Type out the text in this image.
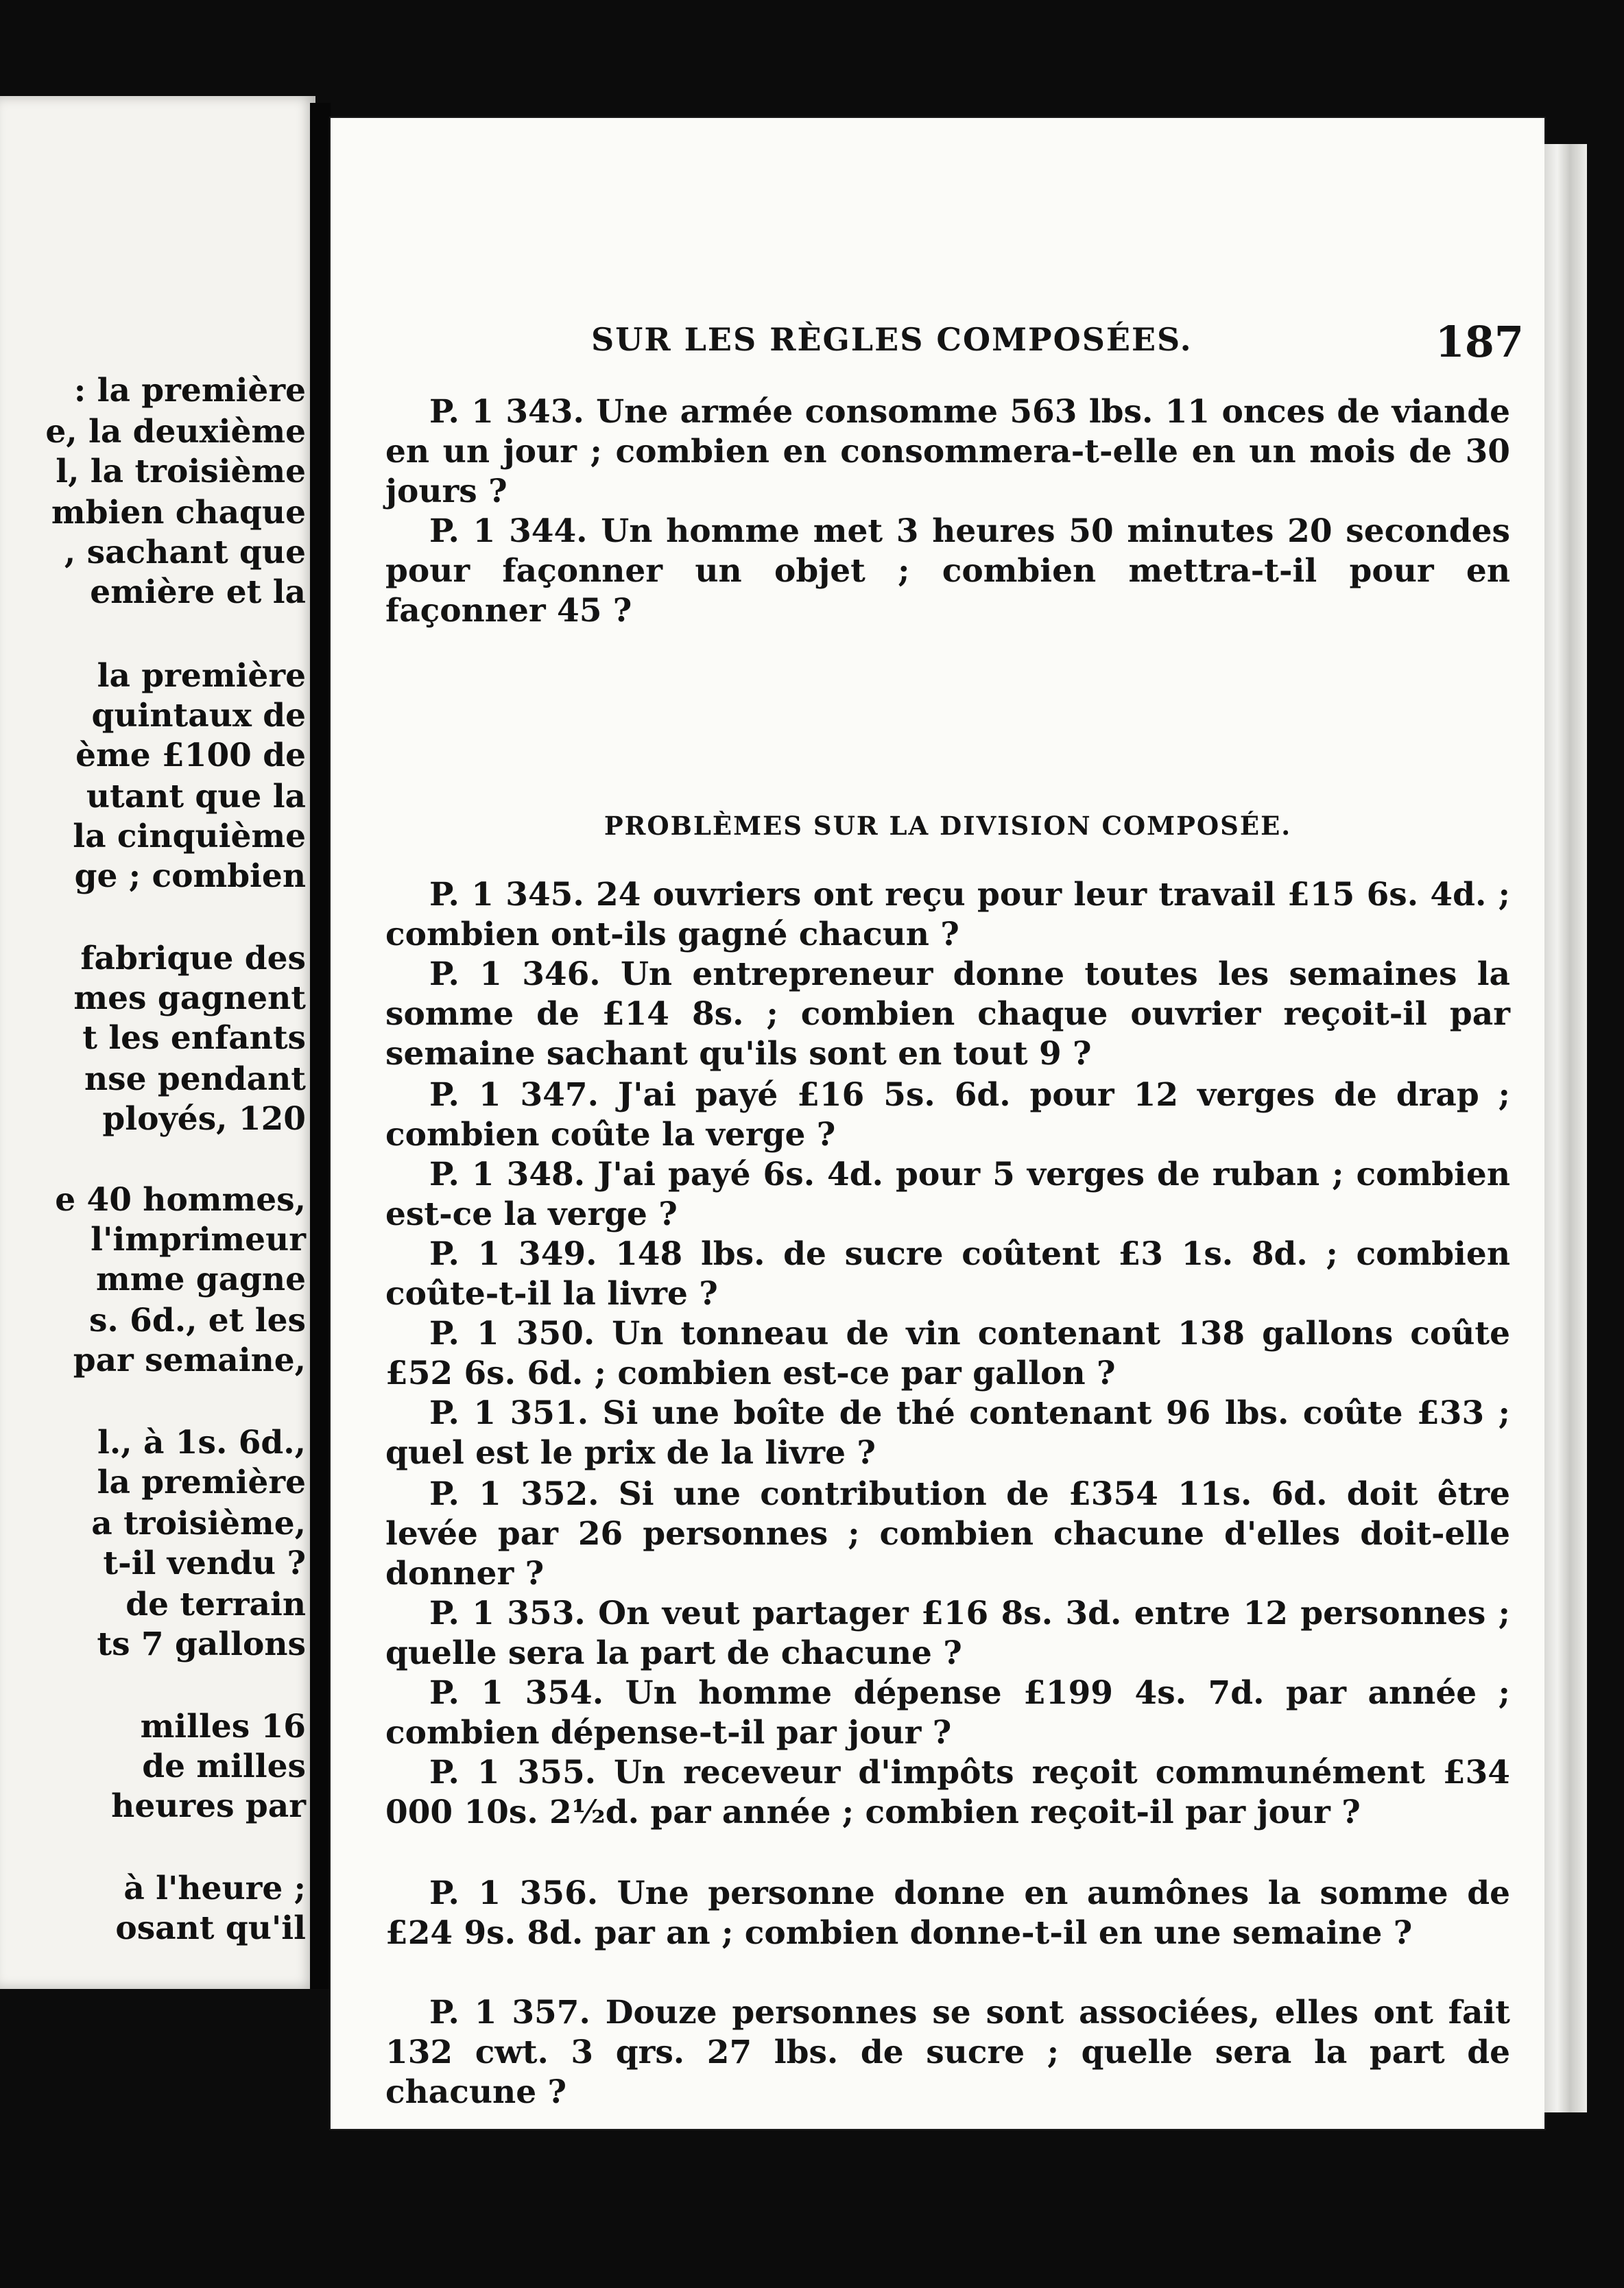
: la première

e, la deuxième

l, la troisième

mbien chaque

, sachant que

emière et la

la première

quintaux de

ème £100 de

utant que la

la cinquième

ge ; combien

fabrique des

mes gagnent

t les enfants

nse pendant

ployés, 120

e 40 hommes,

l'imprimeur

mme gagne

s. 6d., et les

par semaine,

l., à 1s. 6d.,

la première

a troisième,

t-il vendu ?

de terrain

ts 7 gallons

milles 16

de milles

heures par

à l'heure ;

osant qu'il

SUR LES RÈGLES COMPOSÉES.	187

P. 1 343. Une armée consomme 563 lbs. 11 onces de viande en un jour ; combien en consommera-t-elle en un mois de 30 jours ?

P. 1 344. Un homme met 3 heures 50 minutes 20 secondes pour façonner un objet ; combien mettra-t-il pour en façonner 45 ?

PROBLÈMES SUR LA DIVISION COMPOSÉE.

P. 1 345. 24 ouvriers ont reçu pour leur travail £15 6s. 4d. ; combien ont-ils gagné chacun ?

P. 1 346. Un entrepreneur donne toutes les semaines la somme de £14 8s. ; combien chaque ouvrier reçoit-il par semaine sachant qu'ils sont en tout 9 ?

P. 1 347. J'ai payé £16 5s. 6d. pour 12 verges de drap ; combien coûte la verge ?

P. 1 348. J'ai payé 6s. 4d. pour 5 verges de ruban ; combien est-ce la verge ?

P. 1 349. 148 lbs. de sucre coûtent £3 1s. 8d. ; combien coûte-t-il la livre ?

P. 1 350. Un tonneau de vin contenant 138 gallons coûte £52 6s. 6d. ; combien est-ce par gallon ?

P. 1 351. Si une boîte de thé contenant 96 lbs. coûte £33 ; quel est le prix de la livre ?

P. 1 352. Si une contribution de £354 11s. 6d. doit être levée par 26 personnes ; combien chacune d'elles doit-elle donner ?

P. 1 353. On veut partager £16 8s. 3d. entre 12 personnes ; quelle sera la part de chacune ?

P. 1 354. Un homme dépense £199 4s. 7d. par année ; combien dépense-t-il par jour ?

P. 1 355. Un receveur d'impôts reçoit communément £34 000 10s. 2½d. par année ; combien reçoit-il par jour ?

P. 1 356. Une personne donne en aumônes la somme de £24 9s. 8d. par an ; combien donne-t-il en une semaine ?

P. 1 357. Douze personnes se sont associées, elles ont fait 132 cwt. 3 qrs. 27 lbs. de sucre ; quelle sera la part de chacune ?
